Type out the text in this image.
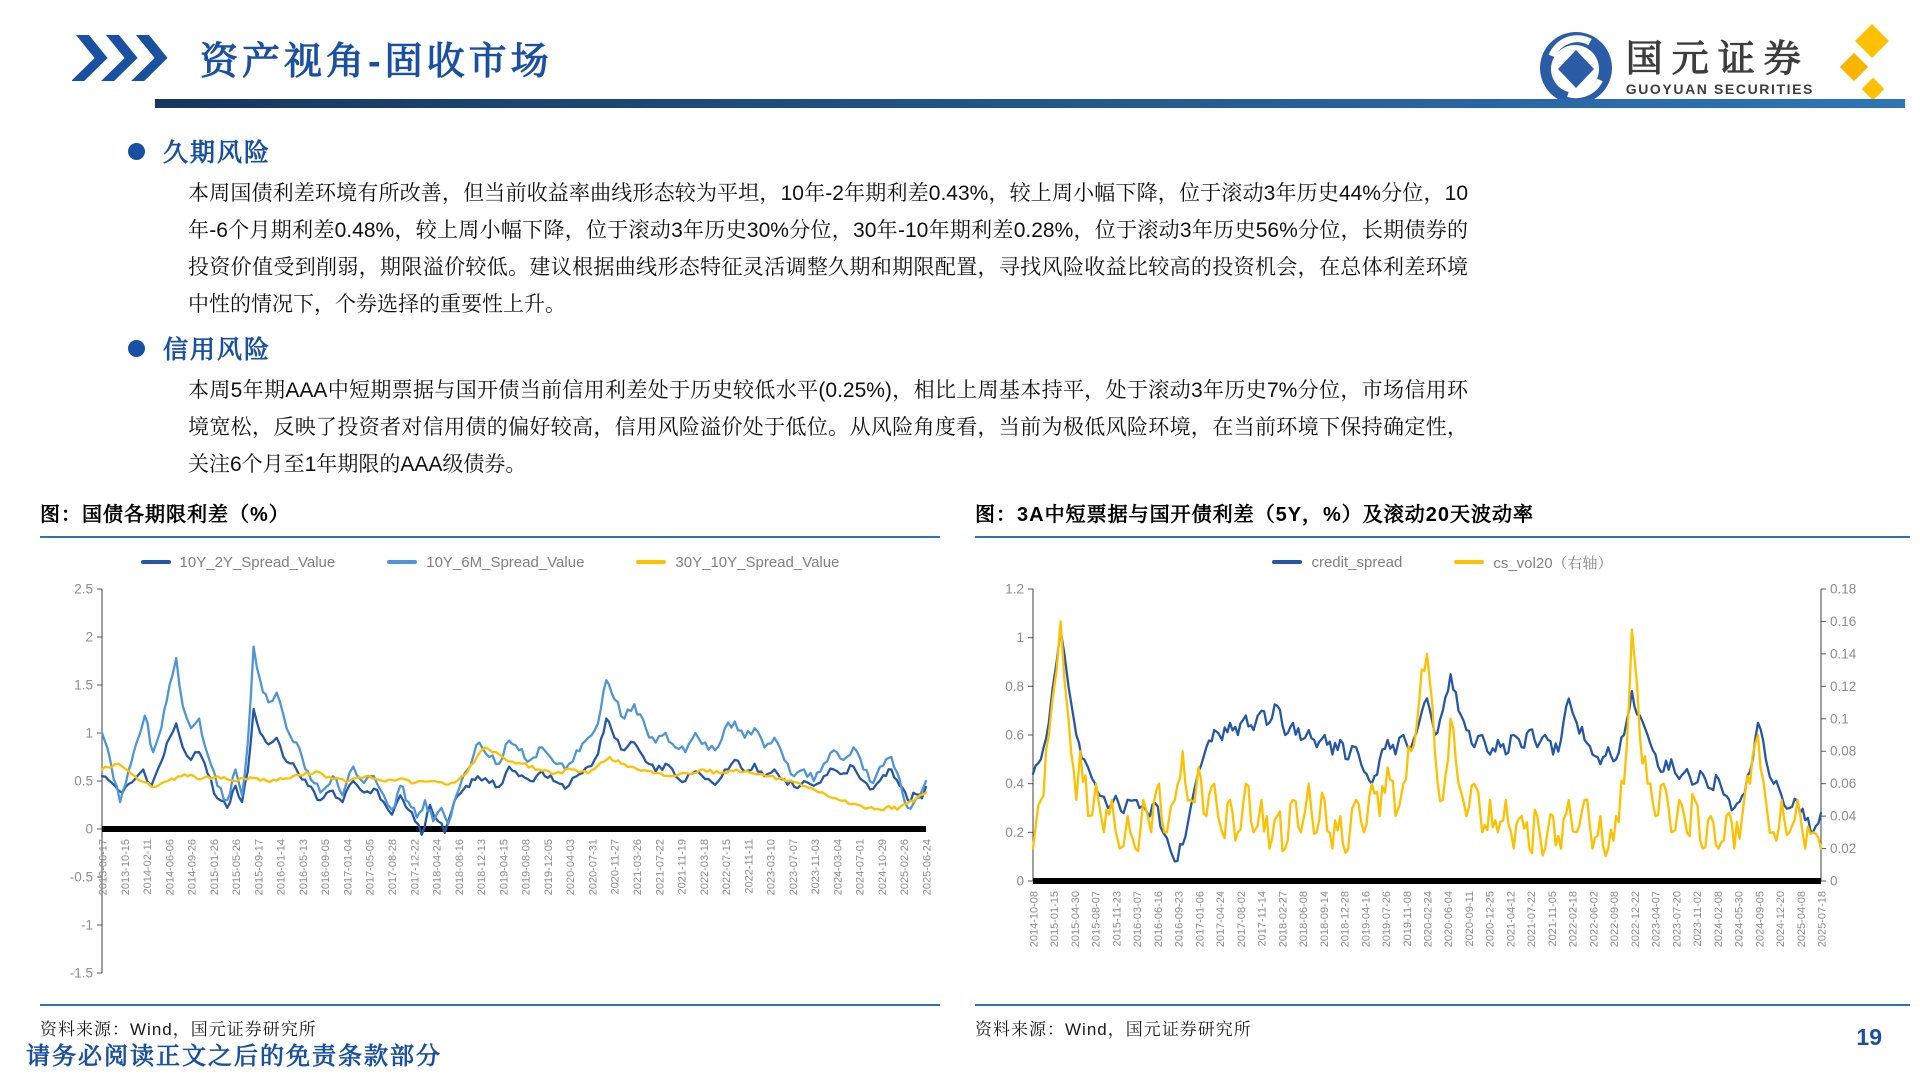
资产视角-固收市场	国元证券
GUOYUAN SECURITIES
久期风险
本周国债利差环境有所改善，但当前收益率曲线形态较为平坦，10年-2年期利差0.43%，较上周小幅下降，位于滚动3年历史44%分位，10年-6个月期利差0.48%，较上周小幅下降，位于滚动3年历史30%分位，30年-10年期利差0.28%，位于滚动3年历史56%分位，长期债券的投资价值受到削弱，期限溢价较低。建议根据曲线形态特征灵活调整久期和期限配置，寻找风险收益比较高的投资机会，在总体利差环境中性的情况下，个券选择的重要性上升。
信用风险
本周5年期AAA中短期票据与国开债当前信用利差处于历史较低水平(0.25%)，相比上周基本持平，处于滚动3年历史7%分位，市场信用环境宽松，反映了投资者对信用债的偏好较高，信用风险溢价处于低位。从风险角度看，当前为极低风险环境，在当前环境下保持确定性，关注6个月至1年期限的AAA级债券。
图：国债各期限利差（%）
10Y_2Y_Spread_Value	10Y_6M_Spread_Value	30Y_10Y_Spread_Value
2.5
2
1.5
1
0.5
0
-0.5
-1
-1.5
2013-06-17 2013-10-15 2014-02-11 2014-06-06 2014-09-26 2015-01-26 2015-05-26 2015-09-17 2016-01-14 2016-05-13 2016-09-05 2017-01-04 2017-05-05 2017-08-28 2017-12-22 2018-04-24 2018-08-16 2018-12-13 2019-04-15 2019-08-08 2019-12-05 2020-04-03 2020-07-31 2020-11-27 2021-03-26 2021-07-22 2021-11-19 2022-03-18 2022-07-15 2022-11-11 2023-03-10 2023-07-07 2023-11-03 2024-03-04 2024-07-01 2024-10-29 2025-02-26 2025-06-24
资料来源：Wind，国元证券研究所
图：3A中短票据与国开债利差（5Y，%）及滚动20天波动率
credit_spread	cs_vol20（右轴）
1.2
1
0.8
0.6
0.4
0.2
0
0.18
0.16
0.14
0.12
0.1
0.08
0.06
0.04
0.02
0
2014-10-08 2015-01-15 2015-04-30 2015-08-07 2015-11-23 2016-03-07 2016-06-16 2016-09-23 2017-01-06 2017-04-24 2017-08-02 2017-11-14 2018-02-27 2018-06-08 2018-09-14 2018-12-28 2019-04-16 2019-07-26 2019-11-08 2020-02-24 2020-06-04 2020-09-11 2020-12-25 2021-04-12 2021-07-22 2021-11-05 2022-02-18 2022-06-02 2022-09-08 2022-12-22 2023-04-07 2023-07-20 2023-11-02 2024-02-08 2024-05-30 2024-09-05 2024-12-20 2025-04-08 2025-07-18
资料来源：Wind，国元证券研究所
请务必阅读正文之后的免责条款部分
19
